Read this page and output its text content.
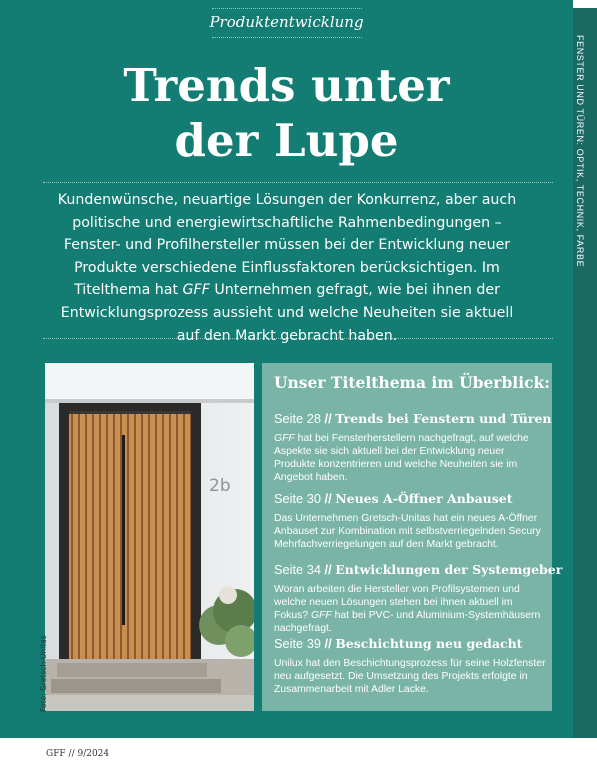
FENSTER UND TÜREN: OPTIK, TECHNIK, FARBE
Produktentwicklung
Trends unter
der Lupe
Kundenwünsche, neuartige Lösungen der Konkurrenz, aber auch politische und energiewirtschaftliche Rahmenbedingungen – Fenster- und Profilhersteller müssen bei der Entwicklung neuer Produkte verschiedene Einflussfaktoren berücksichtigen. Im Titelthema hat GFF Unternehmen gefragt, wie bei ihnen der Entwicklungsprozess aussieht und welche Neuheiten sie aktuell auf den Markt gebracht haben.
2b
Foto: Gretsch-Unitas
Unser Titelthema im Überblick:
Seite 28 // Trends bei Fenstern und Türen
GFF hat bei Fensterherstellern nachgefragt, auf welche Aspekte sie sich aktuell bei der Entwicklung neuer Produkte konzentrieren und welche Neuheiten sie im Angebot haben.
Seite 30 // Neues A-Öffner Anbauset
Das Unternehmen Gretsch-Unitas hat ein neues A-Öffner Anbauset zur Kombination mit selbstverriegelnden Secury Mehrfachverriegelungen auf den Markt gebracht.
Seite 34 // Entwicklungen der Systemgeber
Woran arbeiten die Hersteller von Profilsystemen und welche neuen Lösungen stehen bei ihnen aktuell im Fokus? GFF hat bei PVC- und Aluminium-Systemhäusern nachgefragt.
Seite 39 // Beschichtung neu gedacht
Unilux hat den Beschichtungsprozess für seine Holzfenster neu aufgesetzt. Die Umsetzung des Projekts erfolgte in Zusammenarbeit mit Adler Lacke.
GFF // 9/2024
